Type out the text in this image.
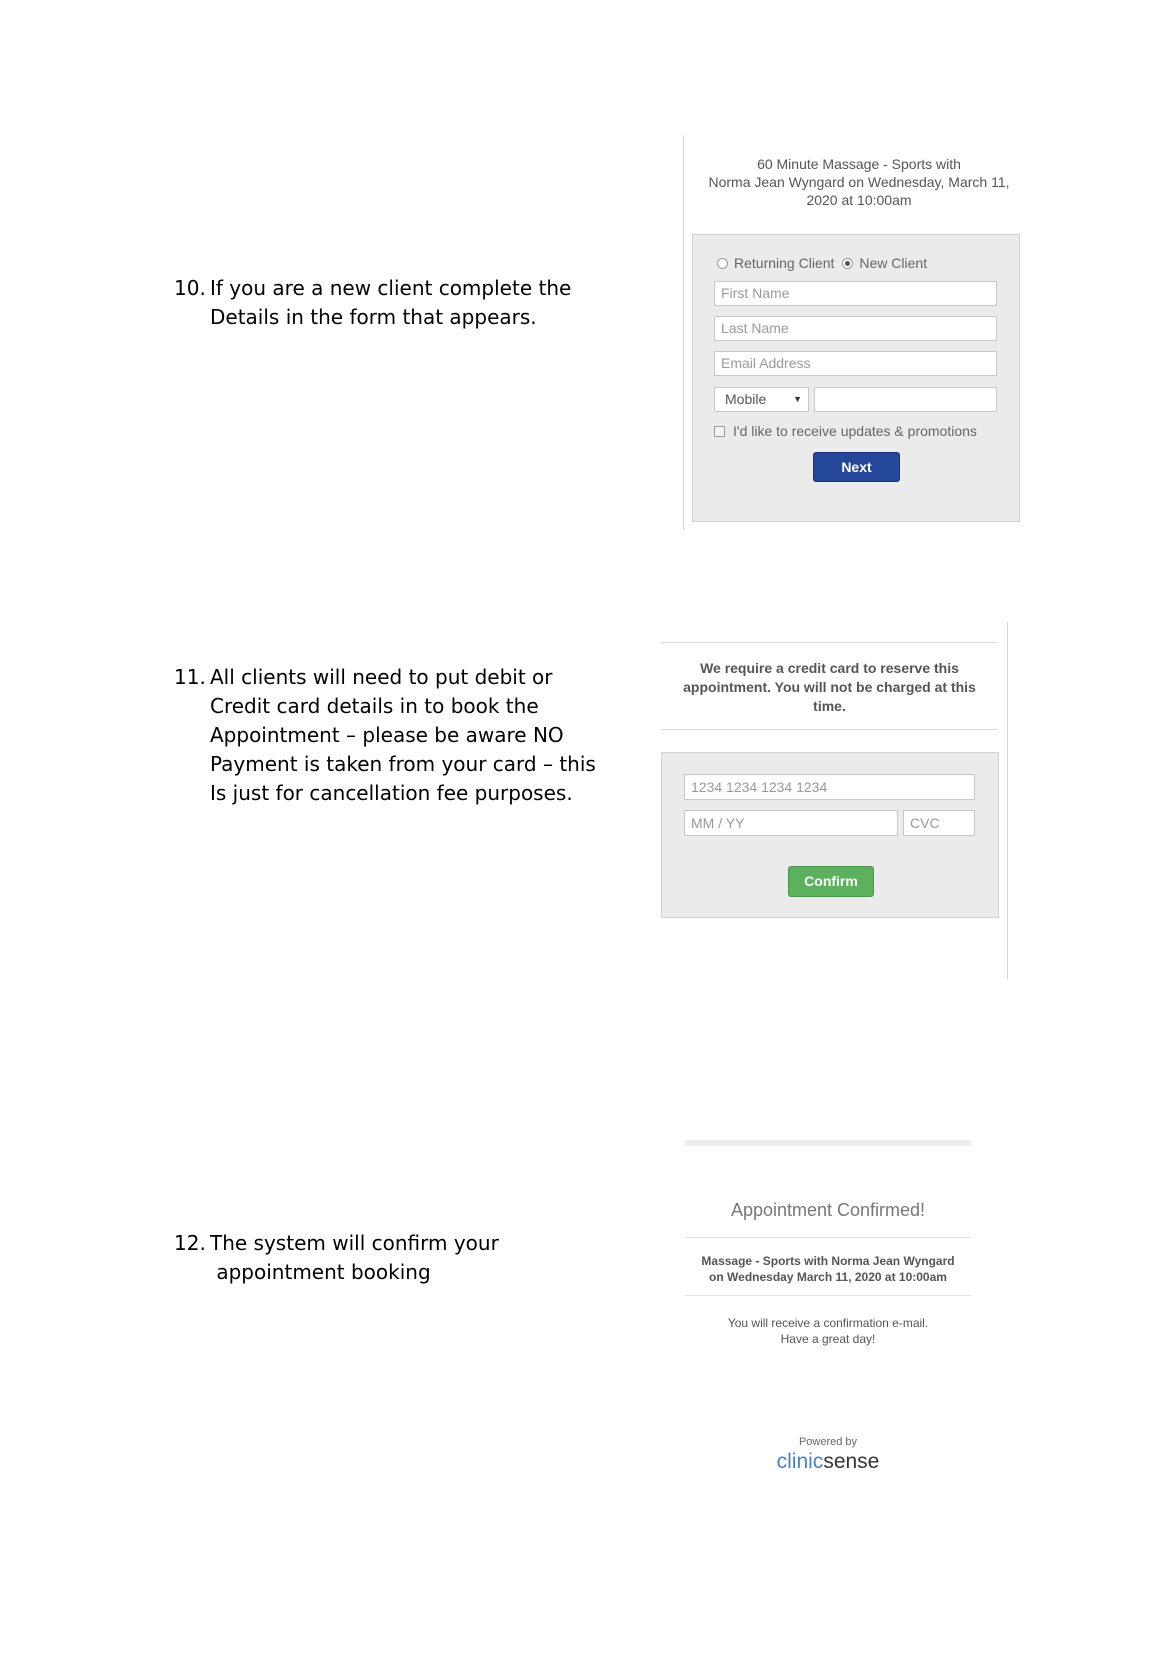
10. If you are a new client complete the
Details in the form that appears.
11. All clients will need to put debit or
Credit card details in to book the
Appointment – please be aware NO
Payment is taken from your card – this
Is just for cancellation fee purposes.
12. The system will confirm your
appointment booking
60 Minute Massage - Sports with
Norma Jean Wyngard on Wednesday, March 11,
2020 at 10:00am
Returning Client New Client
First Name
Last Name
Email Address
Mobile	▼
I'd like to receive updates & promotions
Next
We require a credit card to reserve this
appointment. You will not be charged at this
time.
1234 1234 1234 1234
MM / YY	CVC
Confirm
Appointment Confirmed!
Massage - Sports with Norma Jean Wyngard
on Wednesday March 11, 2020 at 10:00am
You will receive a confirmation e-mail.
Have a great day!
Powered by
clinicsense
